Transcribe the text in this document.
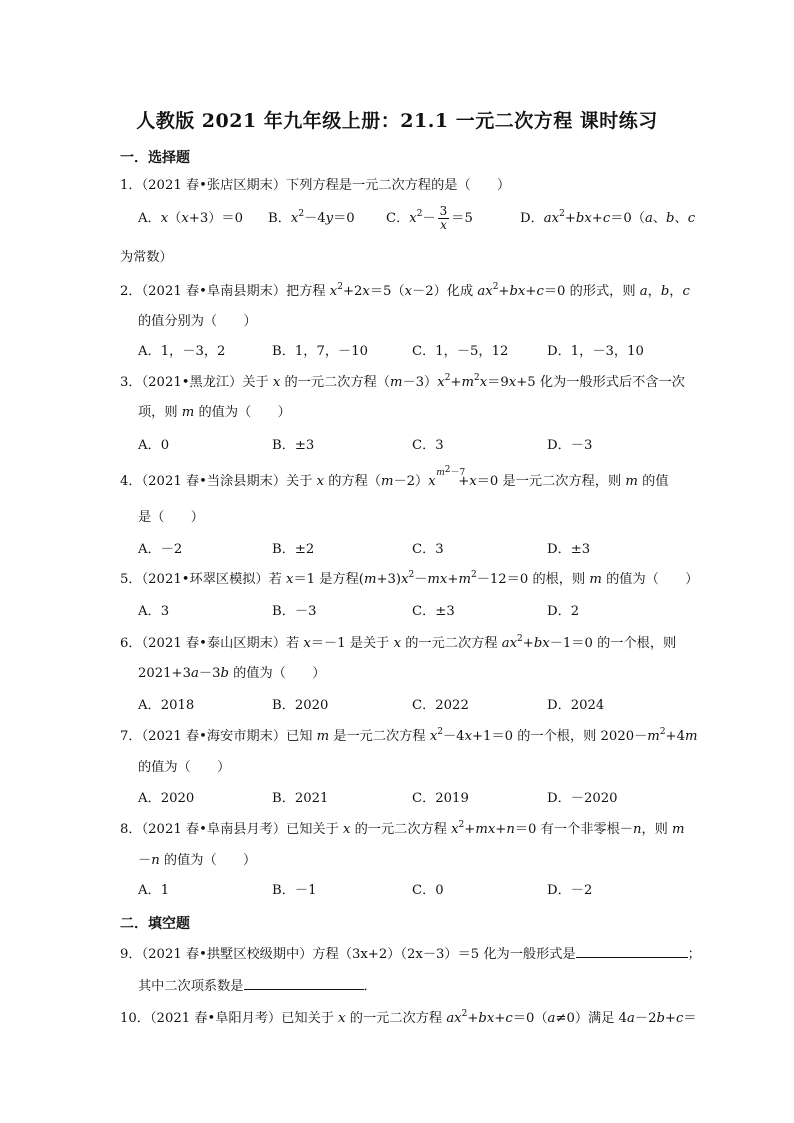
人教版 2021 年九年级上册：21.1 一元二次方程 课时练习
一．选择题
1．（2021 春•张店区期末）下列方程是一元二次方程的是（　　）
A．x（x+3）＝0 B．$x^2-4y=0$ C．$x^2- \frac{3}{x} =5$	D．$ax^2+bx+c=0(a$、b、c
为常数）
2．（2021 春•阜南县期末）把方程 $x^2+2x=5(x-2)$化成 $ax^2+bx+c=0$ 的形式，则 a，b，c
的值分别为（　　）
A．1，－3，2	B．1，7，－10	C．1，－5，12	D．1，－3，10
3．（2021•黑龙江）关于 x 的一元二次方程$(m-3)x^2+m^2x=9x+5$ 化为一般形式后不含一次
项，则 m 的值为（　　）
A．0	B．±3	C．3	D．－3
4．（2021 春•当涂县期末）关于 x 的方程（m－2）x
$m^2-7$
+x＝0 是一元二次方程，则 m 的值
是（　　）
A．－2	B．±2	C．3	D．±3
5．（2021•环翠区模拟）若 x＝1 是方程$(m+3)x^2-mx+m^2-12=0$ 的根，则 m 的值为（　　）
A．3	B．－3	C．±3	D．2
6．（2021 春•泰山区期末）若 x＝－1 是关于 x 的一元二次方程 $ax^2+bx-1=0$ 的一个根，则
2021+3a－3b 的值为（　　）
A．2018	B．2020	C．2022	D．2024
7．（2021 春•海安市期末）已知 m 是一元二次方程 $x^2-4x+1=0$ 的一个根，则 $2020-m^2+4m$
的值为（　　）
A．2020	B．2021	C．2019	D．－2020
8．（2021 春•阜南县月考）已知关于 x 的一元二次方程 $x^2+mx+n=0$ 有一个非零根－n，则 m
－n 的值为（　　）
A．1	B．－1	C．0	D．－2
二．填空题
9．（2021 春•拱墅区校级期中）方程（3x+2）（2x－3）＝5 化为一般形式是	；
其中二次项系数是	．
10．（2021 春•阜阳月考）已知关于 x 的一元二次方程 $ax^2+bx+c=0(a\ne 0)$满足 4a－2b+c＝
